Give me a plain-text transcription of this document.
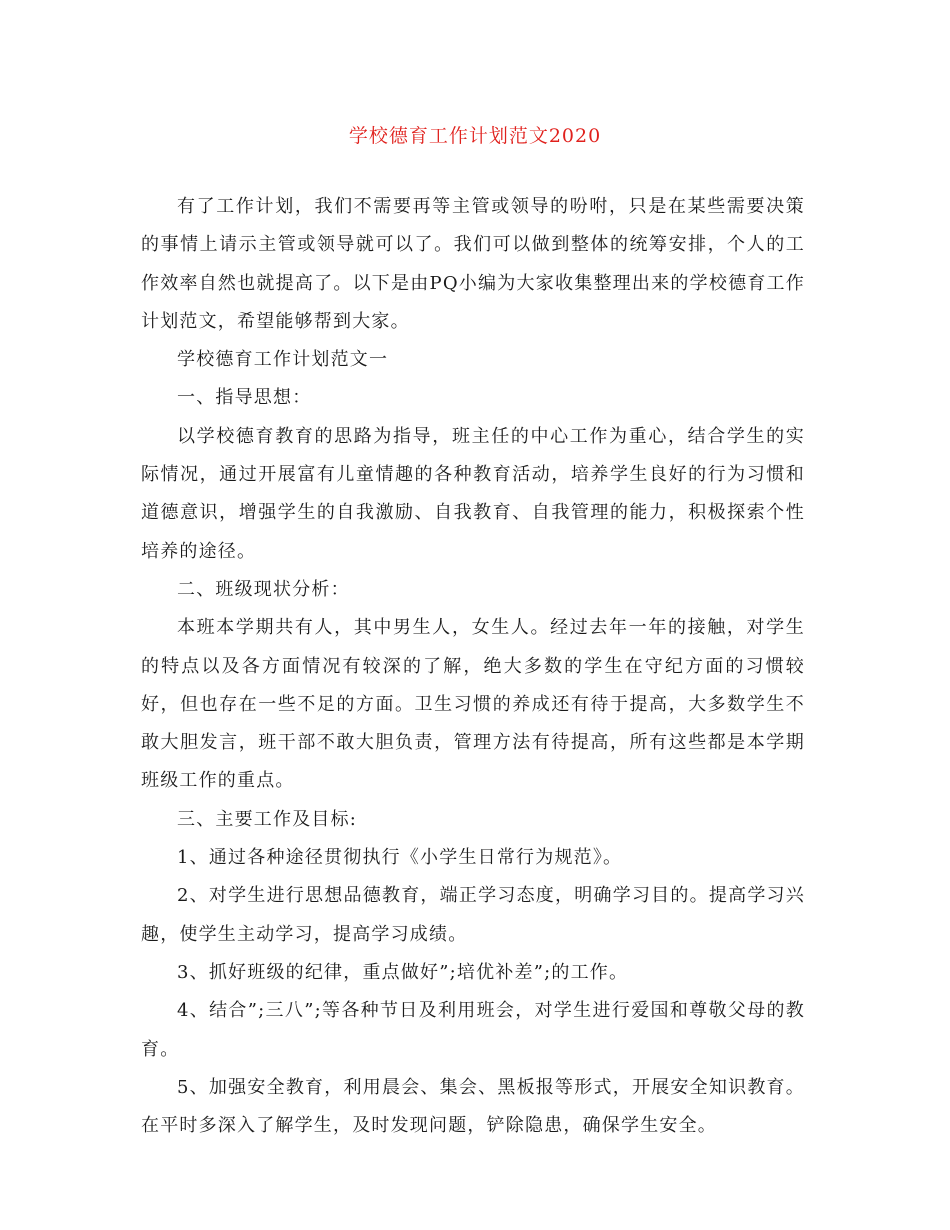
学校德育工作计划范文2020

有了工作计划，我们不需要再等主管或领导的吩咐，只是在某些需要决策的事情上请示主管或领导就可以了。我们可以做到整体的统筹安排，个人的工作效率自然也就提高了。以下是由PQ小编为大家收集整理出来的学校德育工作计划范文，希望能够帮到大家。

学校德育工作计划范文一

一、指导思想：

以学校德育教育的思路为指导，班主任的中心工作为重心，结合学生的实际情况，通过开展富有儿童情趣的各种教育活动，培养学生良好的行为习惯和道德意识，增强学生的自我激励、自我教育、自我管理的能力，积极探索个性培养的途径。

二、班级现状分析：

本班本学期共有人，其中男生人，女生人。经过去年一年的接触，对学生的特点以及各方面情况有较深的了解，绝大多数的学生在守纪方面的习惯较好，但也存在一些不足的方面。卫生习惯的养成还有待于提高，大多数学生不敢大胆发言，班干部不敢大胆负责，管理方法有待提高，所有这些都是本学期班级工作的重点。

三、主要工作及目标:

1、通过各种途径贯彻执行《小学生日常行为规范》。

2、对学生进行思想品德教育，端正学习态度，明确学习目的。提高学习兴趣，使学生主动学习，提高学习成绩。

3、抓好班级的纪律，重点做好”;培优补差”;的工作。

4、结合”;三八”;等各种节日及利用班会，对学生进行爱国和尊敬父母的教育。

5、加强安全教育，利用晨会、集会、黑板报等形式，开展安全知识教育。在平时多深入了解学生，及时发现问题，铲除隐患，确保学生安全。
